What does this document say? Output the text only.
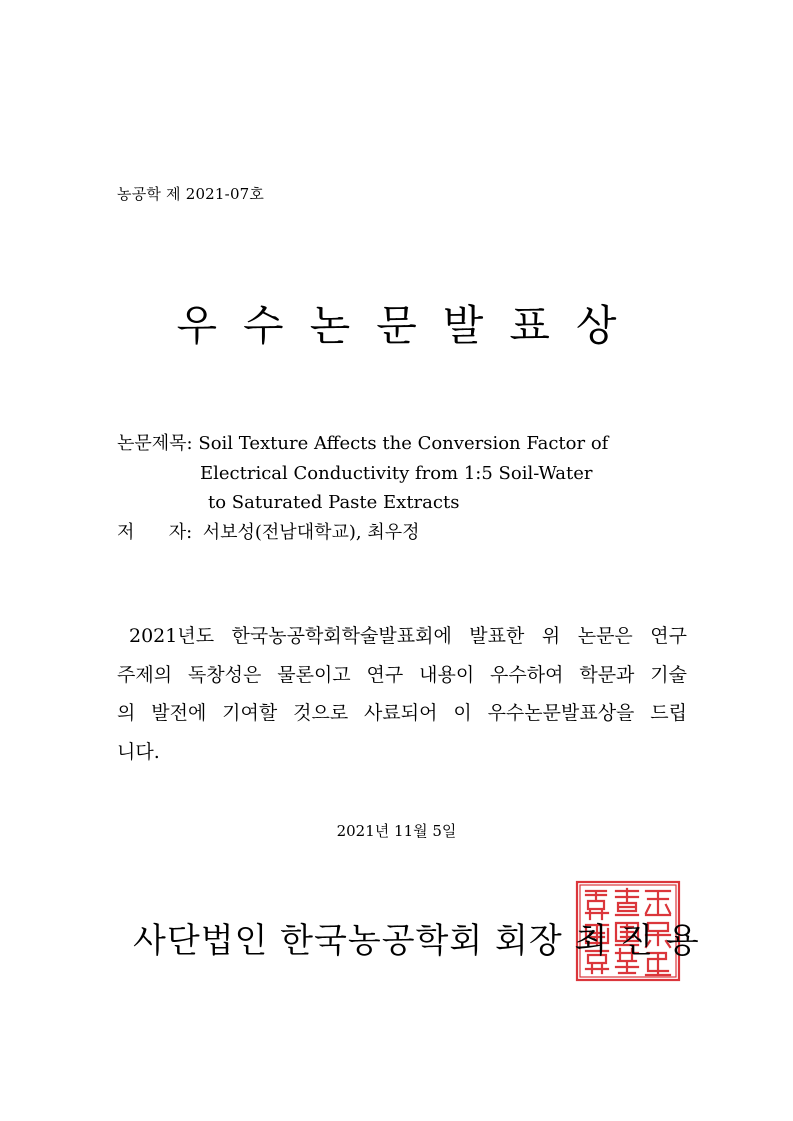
농공학 제 2021-07호
우수논문발표상
논문제목: Soil Texture Affects the Conversion Factor of
Electrical Conductivity from 1:5 Soil-Water
to Saturated Paste Extracts
저      자: 서보성(전남대학교), 최우정
2021년도 한국농공학회학술발표회에 발표한 위 논문은 연구
주제의 독창성은 물론이고 연구 내용이 우수하여 학문과 기술
의 발전에 기여할 것으로 사료되어 이 우수논문발표상을 드립
니다.
2021년 11월 5일
사단법인 한국농공학회 회장 최 진 용
